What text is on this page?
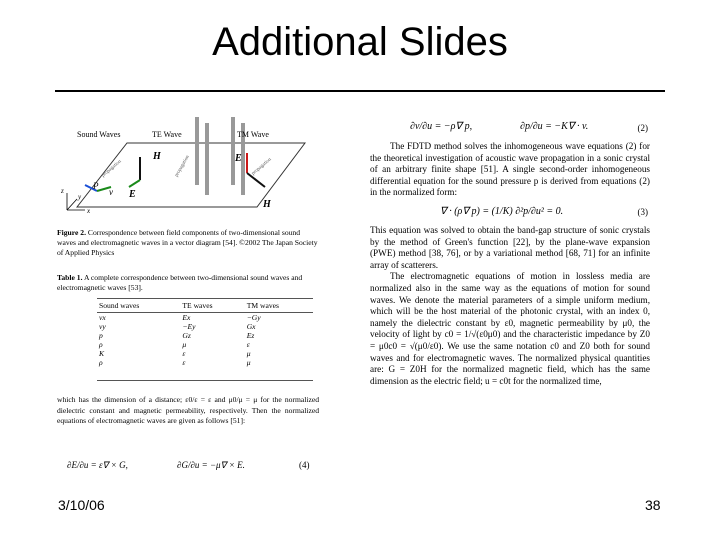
Additional Slides
Sound Waves	TE Wave	TM Wave
P
v
H
E
E
H
z
x
y
propagation	propagation	propagation
Figure 2. Correspondence between field components of two-dimensional sound waves and electromagnetic waves in a vector diagram [54]. ©2002 The Japan Society of Applied Physics
Table 1. A complete correspondence between two-dimensional sound waves and electromagnetic waves [53].
Sound waves	TE waves	TM waves
vx	Ex	−Gy
vy	−Ey	Gx
p	Gz	Ez
ρ	μ	ε
K	ε	μ
ρ	ε	μ
which has the dimension of a distance; ε0/ε = ε and μ0/μ = μ for the normalized dielectric constant and magnetic permeability, respectively. Then the normalized equations of electromagnetic waves are given as follows [51]:
∂E/∂u = ε∇ × G,	∂G/∂u = −μ∇ × E.	(4)
∂v/∂u = −ρ∇ p,	∂p/∂u = −K∇ · v.	(2)

The FDTD method solves the inhomogeneous wave equations (2) for the theoretical investigation of acoustic wave propagation in a sonic crystal of an arbitrary finite shape [51]. A single second-order inhomogeneous differential equation for the sound pressure p is derived from equations (2) in the normalized form:

∇ · (ρ∇ p) = (1/K) ∂²p/∂u² = 0.	(3)

This equation was solved to obtain the band-gap structure of sonic crystals by the method of Green's function [22], by the plane-wave expansion (PWE) method [38, 76], or by a variational method [68, 71] for an infinite array of scatterers.

The electromagnetic equations of motion in lossless media are normalized also in the same way as the equations of motion for sound waves. We denote the material parameters of a simple uniform medium, which will be the host material of the photonic crystal, with an index 0, namely the dielectric constant by ε0, magnetic permeability by μ0, the velocity of light by c0 = 1/√(ε0μ0) and the characteristic impedance by Z0 = μ0c0 = √(μ0/ε0). We use the same notation c0 and Z0 both for sound waves and for electromagnetic waves. The normalized physical quantities are: G = Z0H for the normalized magnetic field, which has the same dimension as the electric field; u = c0t for the normalized time,

3/10/06	38
